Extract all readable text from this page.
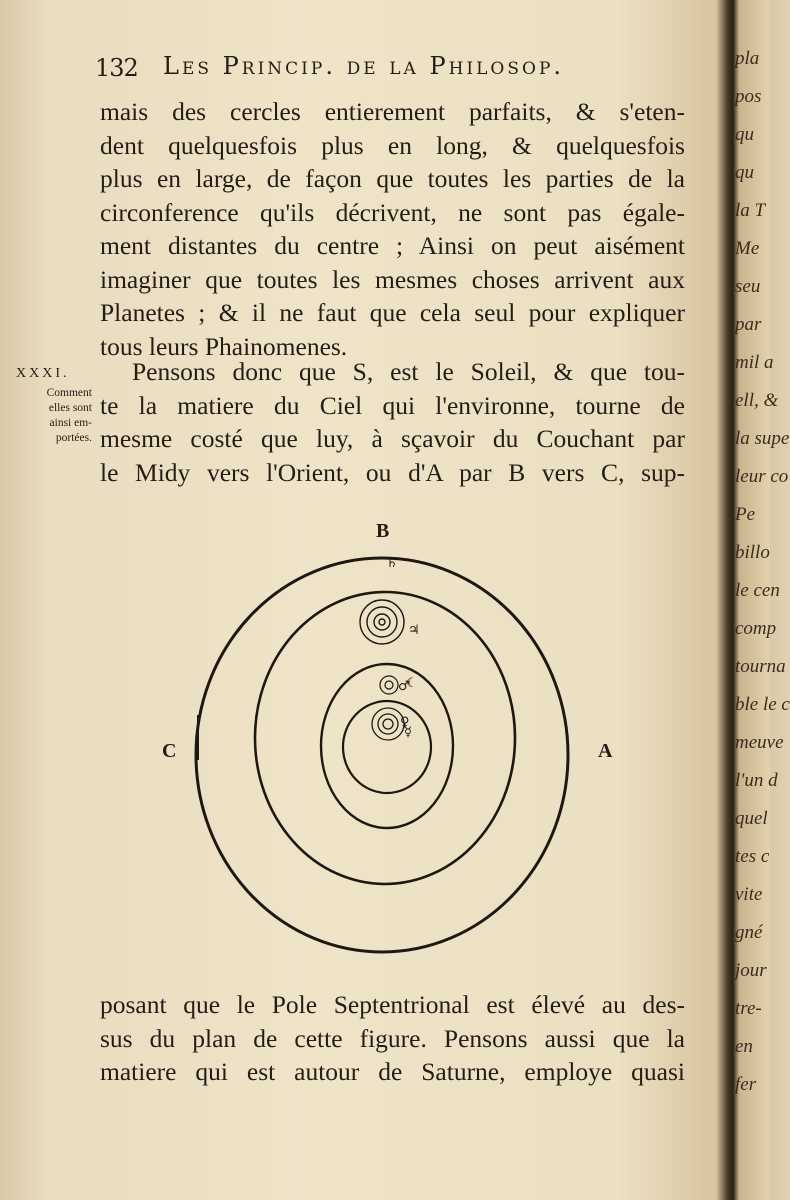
132 Les Princip. de la Philosop.
mais des cercles entierement parfaits, & s'eten-
dent quelquesfois plus en long, & quelquesfois
plus en large, de façon que toutes les parties de la
circonference qu'ils décrivent, ne sont pas égale-
ment distantes du centre ; Ainsi on peut aisément
imaginer que toutes les mesmes choses arrivent aux
Planetes ; & il ne faut que cela seul pour expliquer
tous leurs Phainomenes.
XXXI.
Comment
elles sont
ainsi em-
portées.
Pensons donc que S, est le Soleil, & que tou-
te la matiere du Ciel qui l'environne, tourne de
mesme costé que luy, à sçavoir du Couchant par
le Midy vers l'Orient, ou d'A par B vers C, sup-
♄
♃
♂
☾
♀
☿
B
A
C
posant que le Pole Septentrional est élevé au des-
sus du plan de cette figure. Pensons aussi que la
matiere qui est autour de Saturne, employe quasi
pla
pos
qu
qu
la T
Me
seu
par
mil a
ell, &
la supe
leur co
Pe
billo
le cen
comp
tourna
ble le c
meuve
l'un d
quel
tes c
vite
gné
jour
tre-
en
fer
